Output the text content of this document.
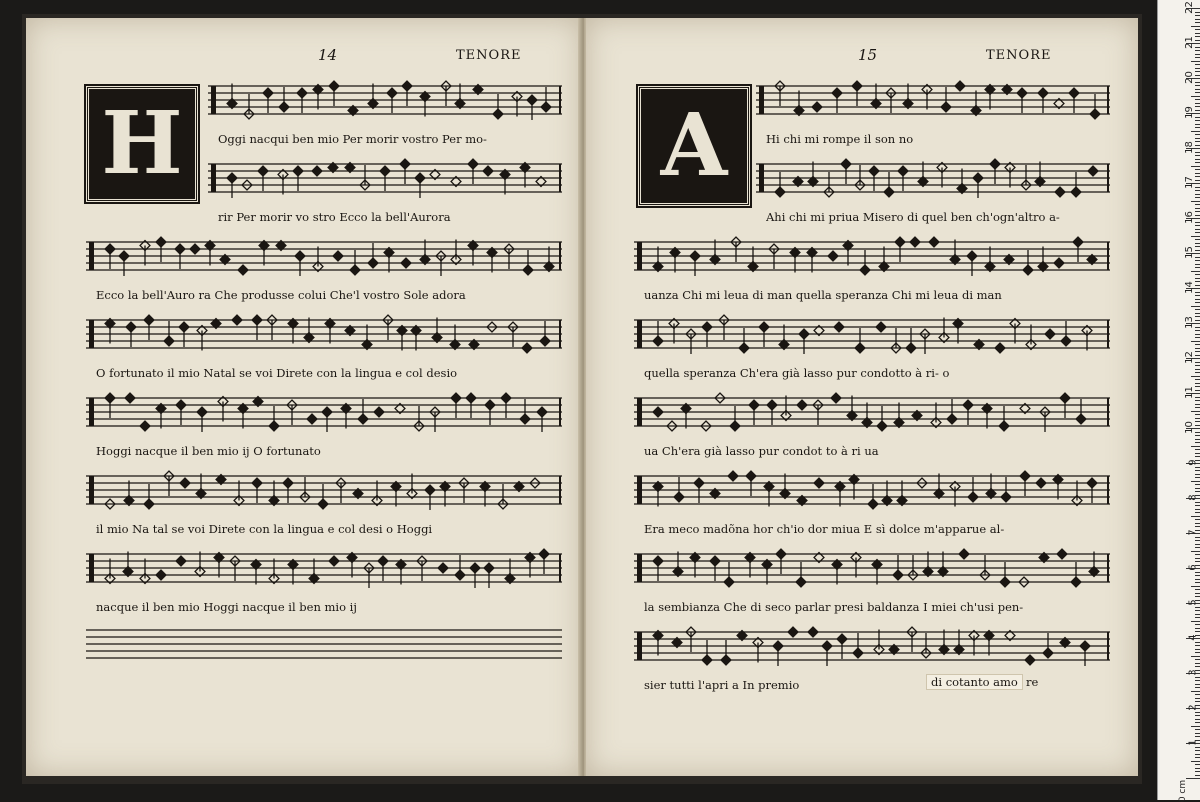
14	TENORE
H	Oggi nacqui ben mio Per morir vostro Per mo-
rir Per morir vo stro Ecco la bell'Aurora
Ecco la bell'Auro ra Che produsse colui Che'l vostro Sole adora
O fortunato il mio Natal se voi Direte con la lingua e col desio
Hoggi nacque il ben mio ij O fortunato
il mio Na tal se voi Direte con la lingua e col desi o Hoggi
nacque il ben mio Hoggi nacque il ben mio ij
15	TENORE
A
di cotanto amo re
Hi chi mi rompe il son no
Ahi chi mi priua Misero di quel ben ch'ogn'altro a-
uanza Chi mi leua di man quella speranza Chi mi leua di man
quella speranza Ch'era già lasso pur condotto à ri- o
ua Ch'era già lasso pur condot to à ri ua
Era meco madõna hor ch'io dor miua E sì dolce m'apparue al-
la sembianza Che di seco parlar presi baldanza I miei ch'usi pen-
sier tutti l'apri a In premio
0 cm
1
2
3
4
5
6
7
8
9
10
11
12
13
14
15
16
17
18
19
20
21
22
